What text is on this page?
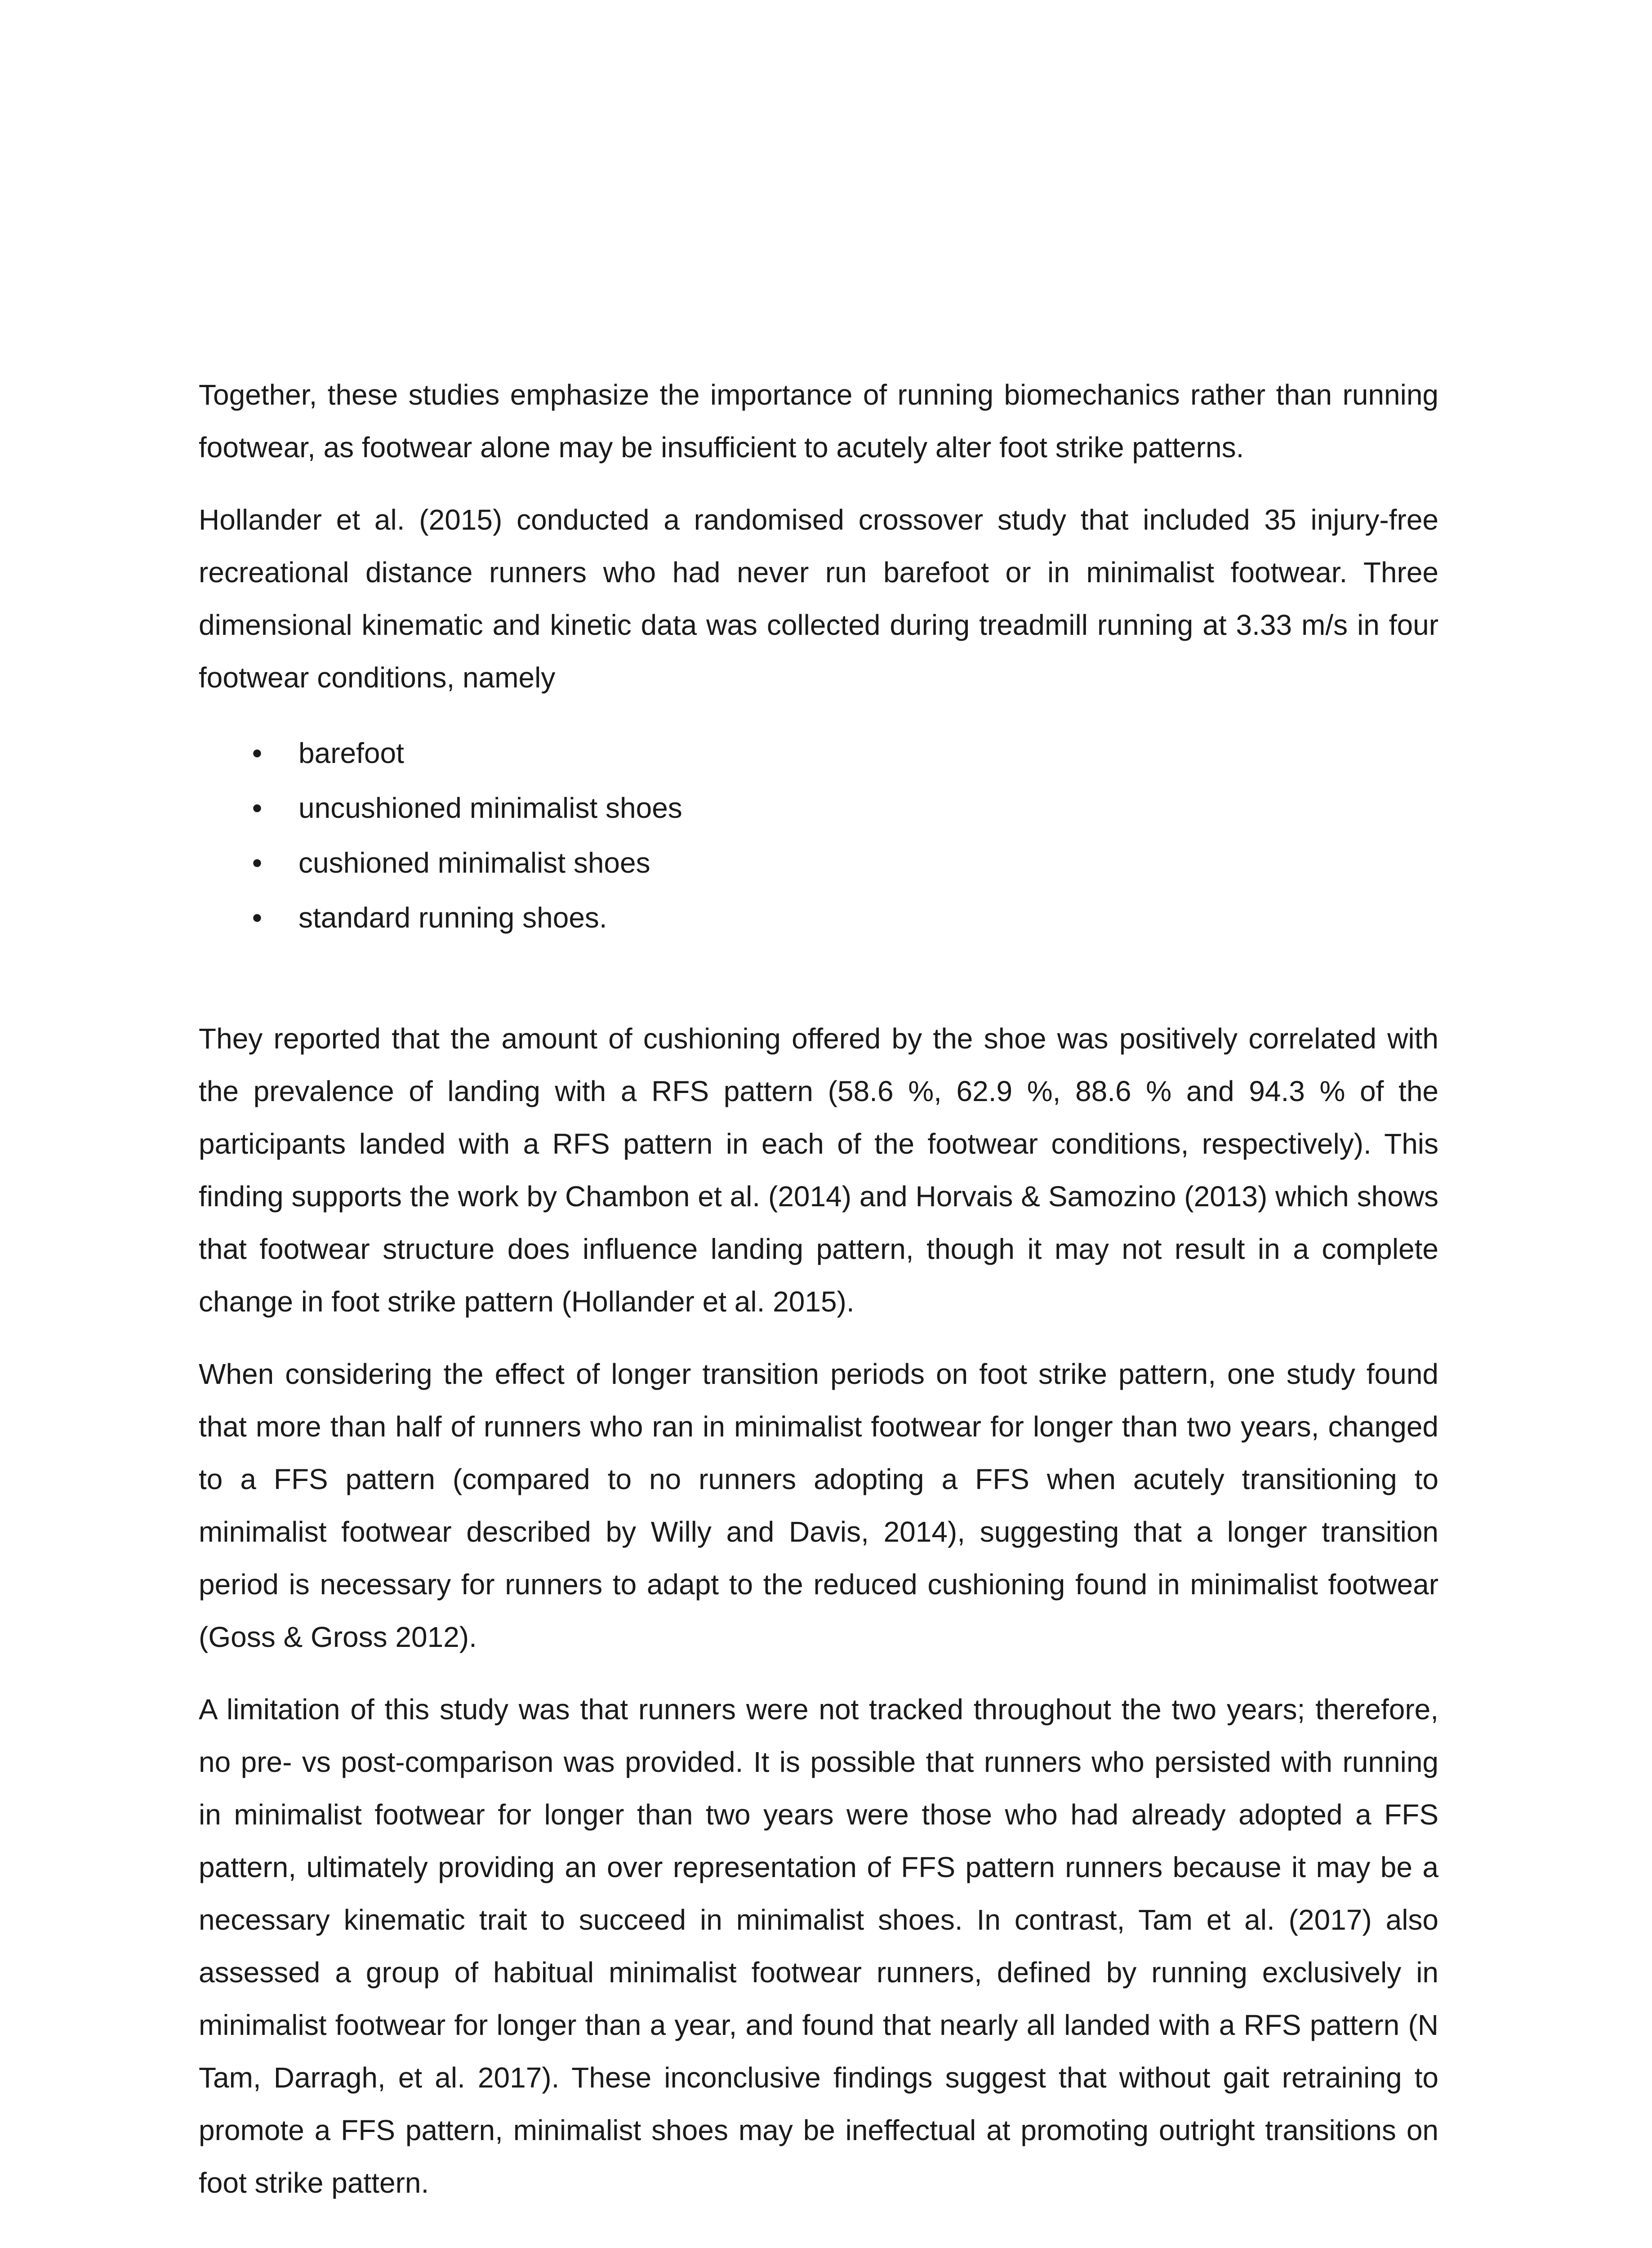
Together, these studies emphasize the importance of running biomechanics rather than running footwear, as footwear alone may be insufficient to acutely alter foot strike patterns.

Hollander et al. (2015) conducted a randomised crossover study that included 35 injury-free recreational distance runners who had never run barefoot or in minimalist footwear. Three dimensional kinematic and kinetic data was collected during treadmill running at 3.33 m/s in four footwear conditions, namely

• barefoot
• uncushioned minimalist shoes
• cushioned minimalist shoes
• standard running shoes.

They reported that the amount of cushioning offered by the shoe was positively correlated with the prevalence of landing with a RFS pattern (58.6 %, 62.9 %, 88.6 % and 94.3 % of the participants landed with a RFS pattern in each of the footwear conditions, respectively). This finding supports the work by Chambon et al. (2014) and Horvais & Samozino (2013) which shows that footwear structure does influence landing pattern, though it may not result in a complete change in foot strike pattern (Hollander et al. 2015).

When considering the effect of longer transition periods on foot strike pattern, one study found that more than half of runners who ran in minimalist footwear for longer than two years, changed to a FFS pattern (compared to no runners adopting a FFS when acutely transitioning to minimalist footwear described by Willy and Davis, 2014), suggesting that a longer transition period is necessary for runners to adapt to the reduced cushioning found in minimalist footwear (Goss & Gross 2012).

A limitation of this study was that runners were not tracked throughout the two years; therefore, no pre- vs post-comparison was provided. It is possible that runners who persisted with running in minimalist footwear for longer than two years were those who had already adopted a FFS pattern, ultimately providing an over representation of FFS pattern runners because it may be a necessary kinematic trait to succeed in minimalist shoes. In contrast, Tam et al. (2017) also assessed a group of habitual minimalist footwear runners, defined by running exclusively in minimalist footwear for longer than a year, and found that nearly all landed with a RFS pattern (N Tam, Darragh, et al. 2017). These inconclusive findings suggest that without gait retraining to promote a FFS pattern, minimalist shoes may be ineffectual at promoting outright transitions on foot strike pattern.
